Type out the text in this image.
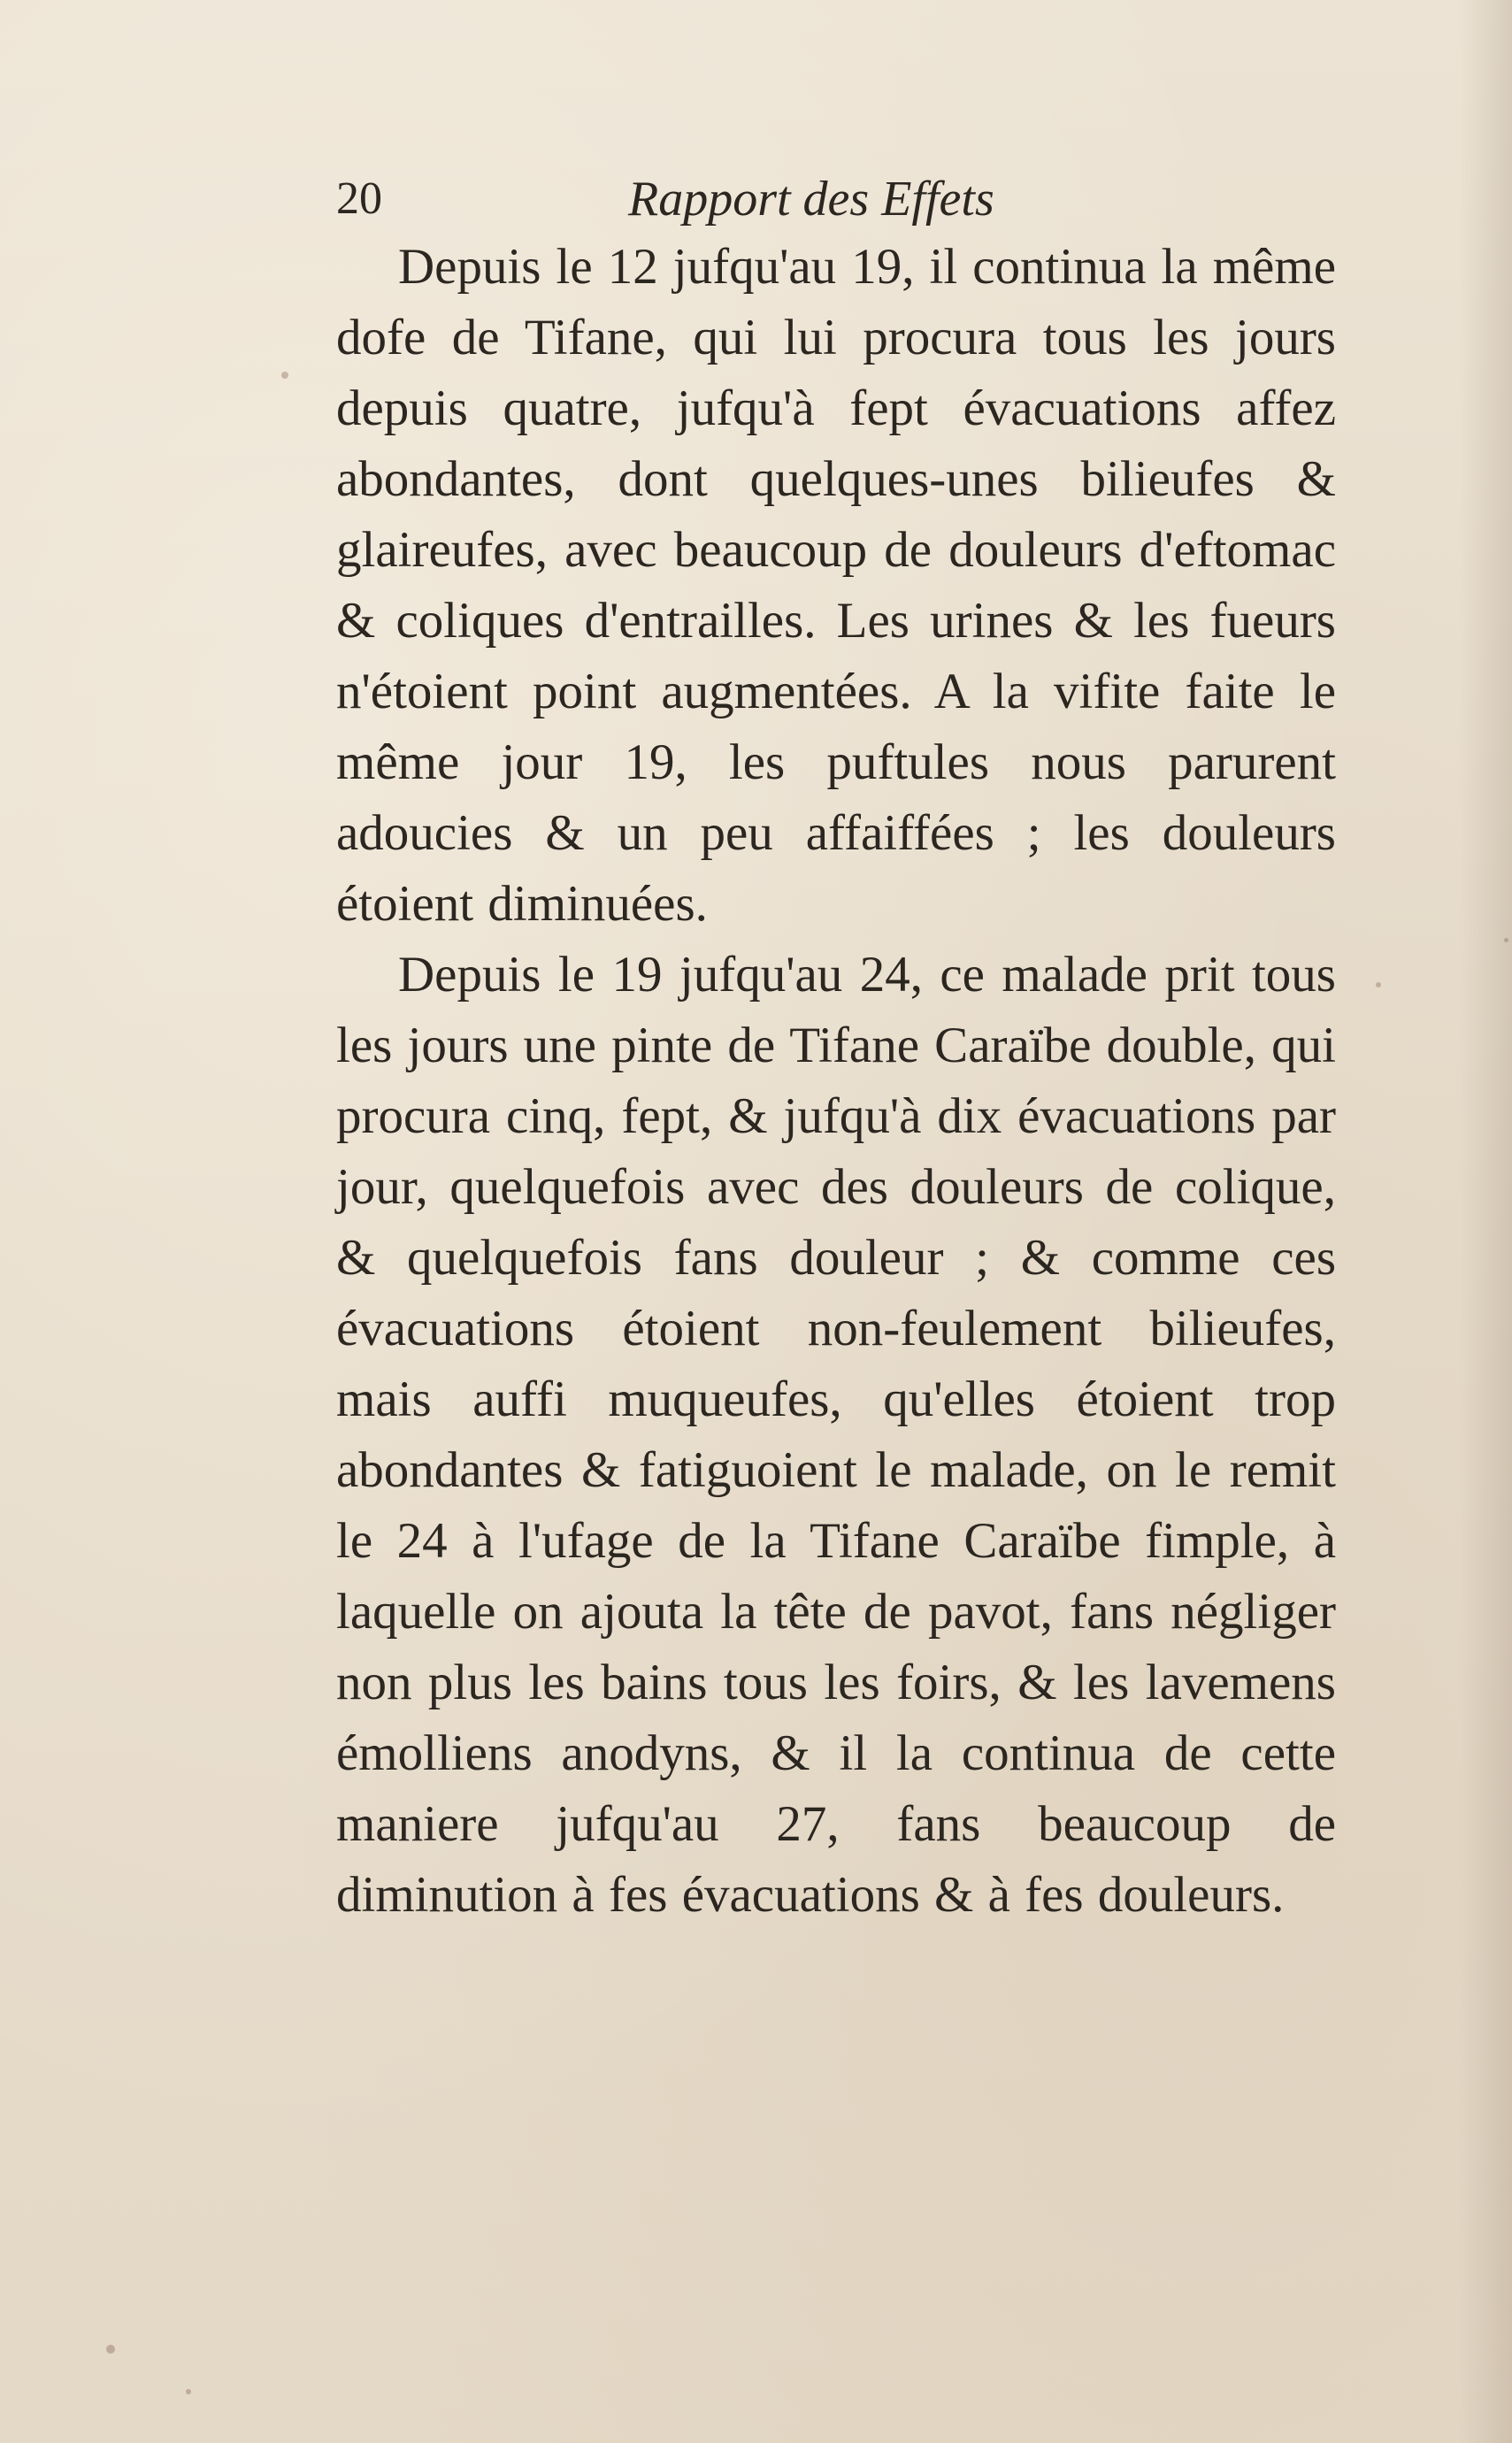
20	Rapport des Effets

Depuis le 12 jufqu'au 19, il continua la même dofe de Tifane, qui lui procura tous les jours depuis quatre, jufqu'à fept évacuations affez abondantes, dont quelques-unes bilieufes & glaireufes, avec beaucoup de douleurs d'eftomac & coliques d'entrailles. Les urines & les fueurs n'étoient point augmentées. A la vifite faite le même jour 19, les puftules nous parurent adoucies & un peu affaiffées ; les douleurs étoient diminuées.

Depuis le 19 jufqu'au 24, ce malade prit tous les jours une pinte de Tifane Caraïbe double, qui procura cinq, fept, & jufqu'à dix évacuations par jour, quelquefois avec des douleurs de colique, & quelquefois fans douleur ; & comme ces évacuations étoient non-feulement bilieufes, mais auffi muqueufes, qu'elles étoient trop abondantes & fatiguoient le malade, on le remit le 24 à l'ufage de la Tifane Caraïbe fimple, à laquelle on ajouta la tête de pavot, fans négliger non plus les bains tous les foirs, & les lavemens émolliens anodyns, & il la continua de cette maniere jufqu'au 27, fans beaucoup de diminution à fes évacuations & à fes douleurs.
